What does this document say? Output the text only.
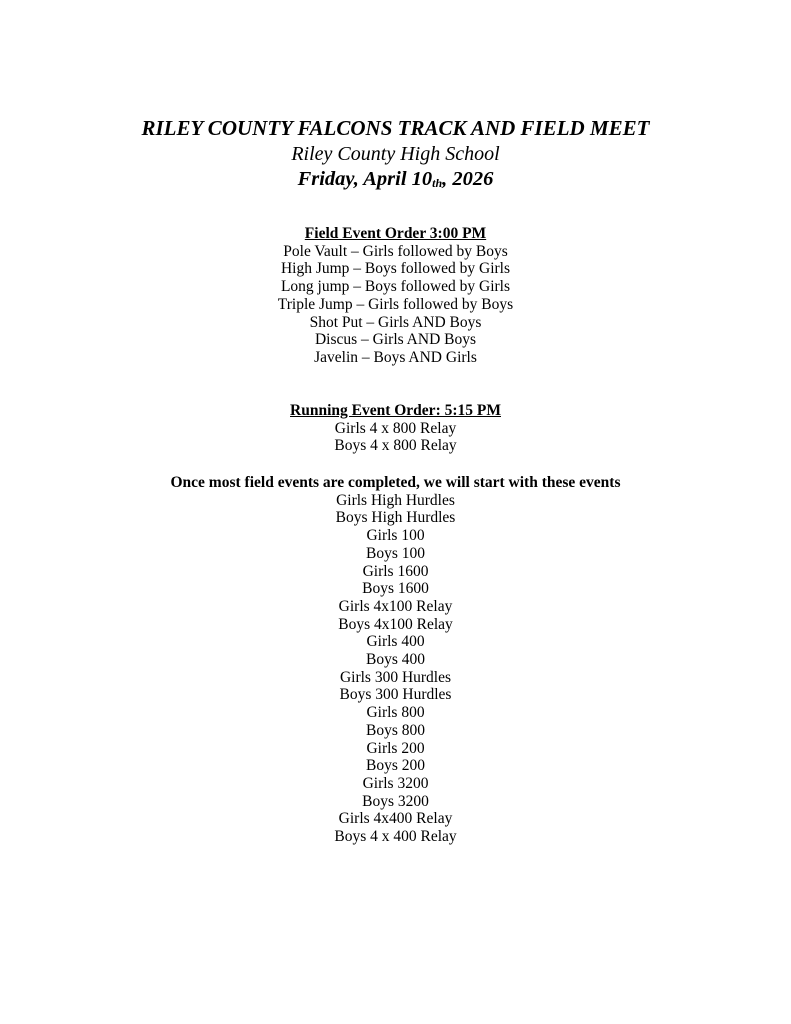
RILEY COUNTY FALCONS TRACK AND FIELD MEET
Riley County High School
Friday, April $10_{th}$, 2026
Field Event Order 3:00 PM
Pole Vault – Girls followed by Boys
High Jump – Boys followed by Girls
Long jump – Boys followed by Girls
Triple Jump – Girls followed by Boys
Shot Put – Girls AND Boys
Discus – Girls AND Boys
Javelin – Boys AND Girls
Running Event Order: 5:15 PM
Girls 4 x 800 Relay
Boys 4 x 800 Relay
Once most field events are completed, we will start with these events
Girls High Hurdles
Boys High Hurdles
Girls 100
Boys 100
Girls 1600
Boys 1600
Girls 4x100 Relay
Boys 4x100 Relay
Girls 400
Boys 400
Girls 300 Hurdles
Boys 300 Hurdles
Girls 800
Boys 800
Girls 200
Boys 200
Girls 3200
Boys 3200
Girls 4x400 Relay
Boys 4 x 400 Relay
